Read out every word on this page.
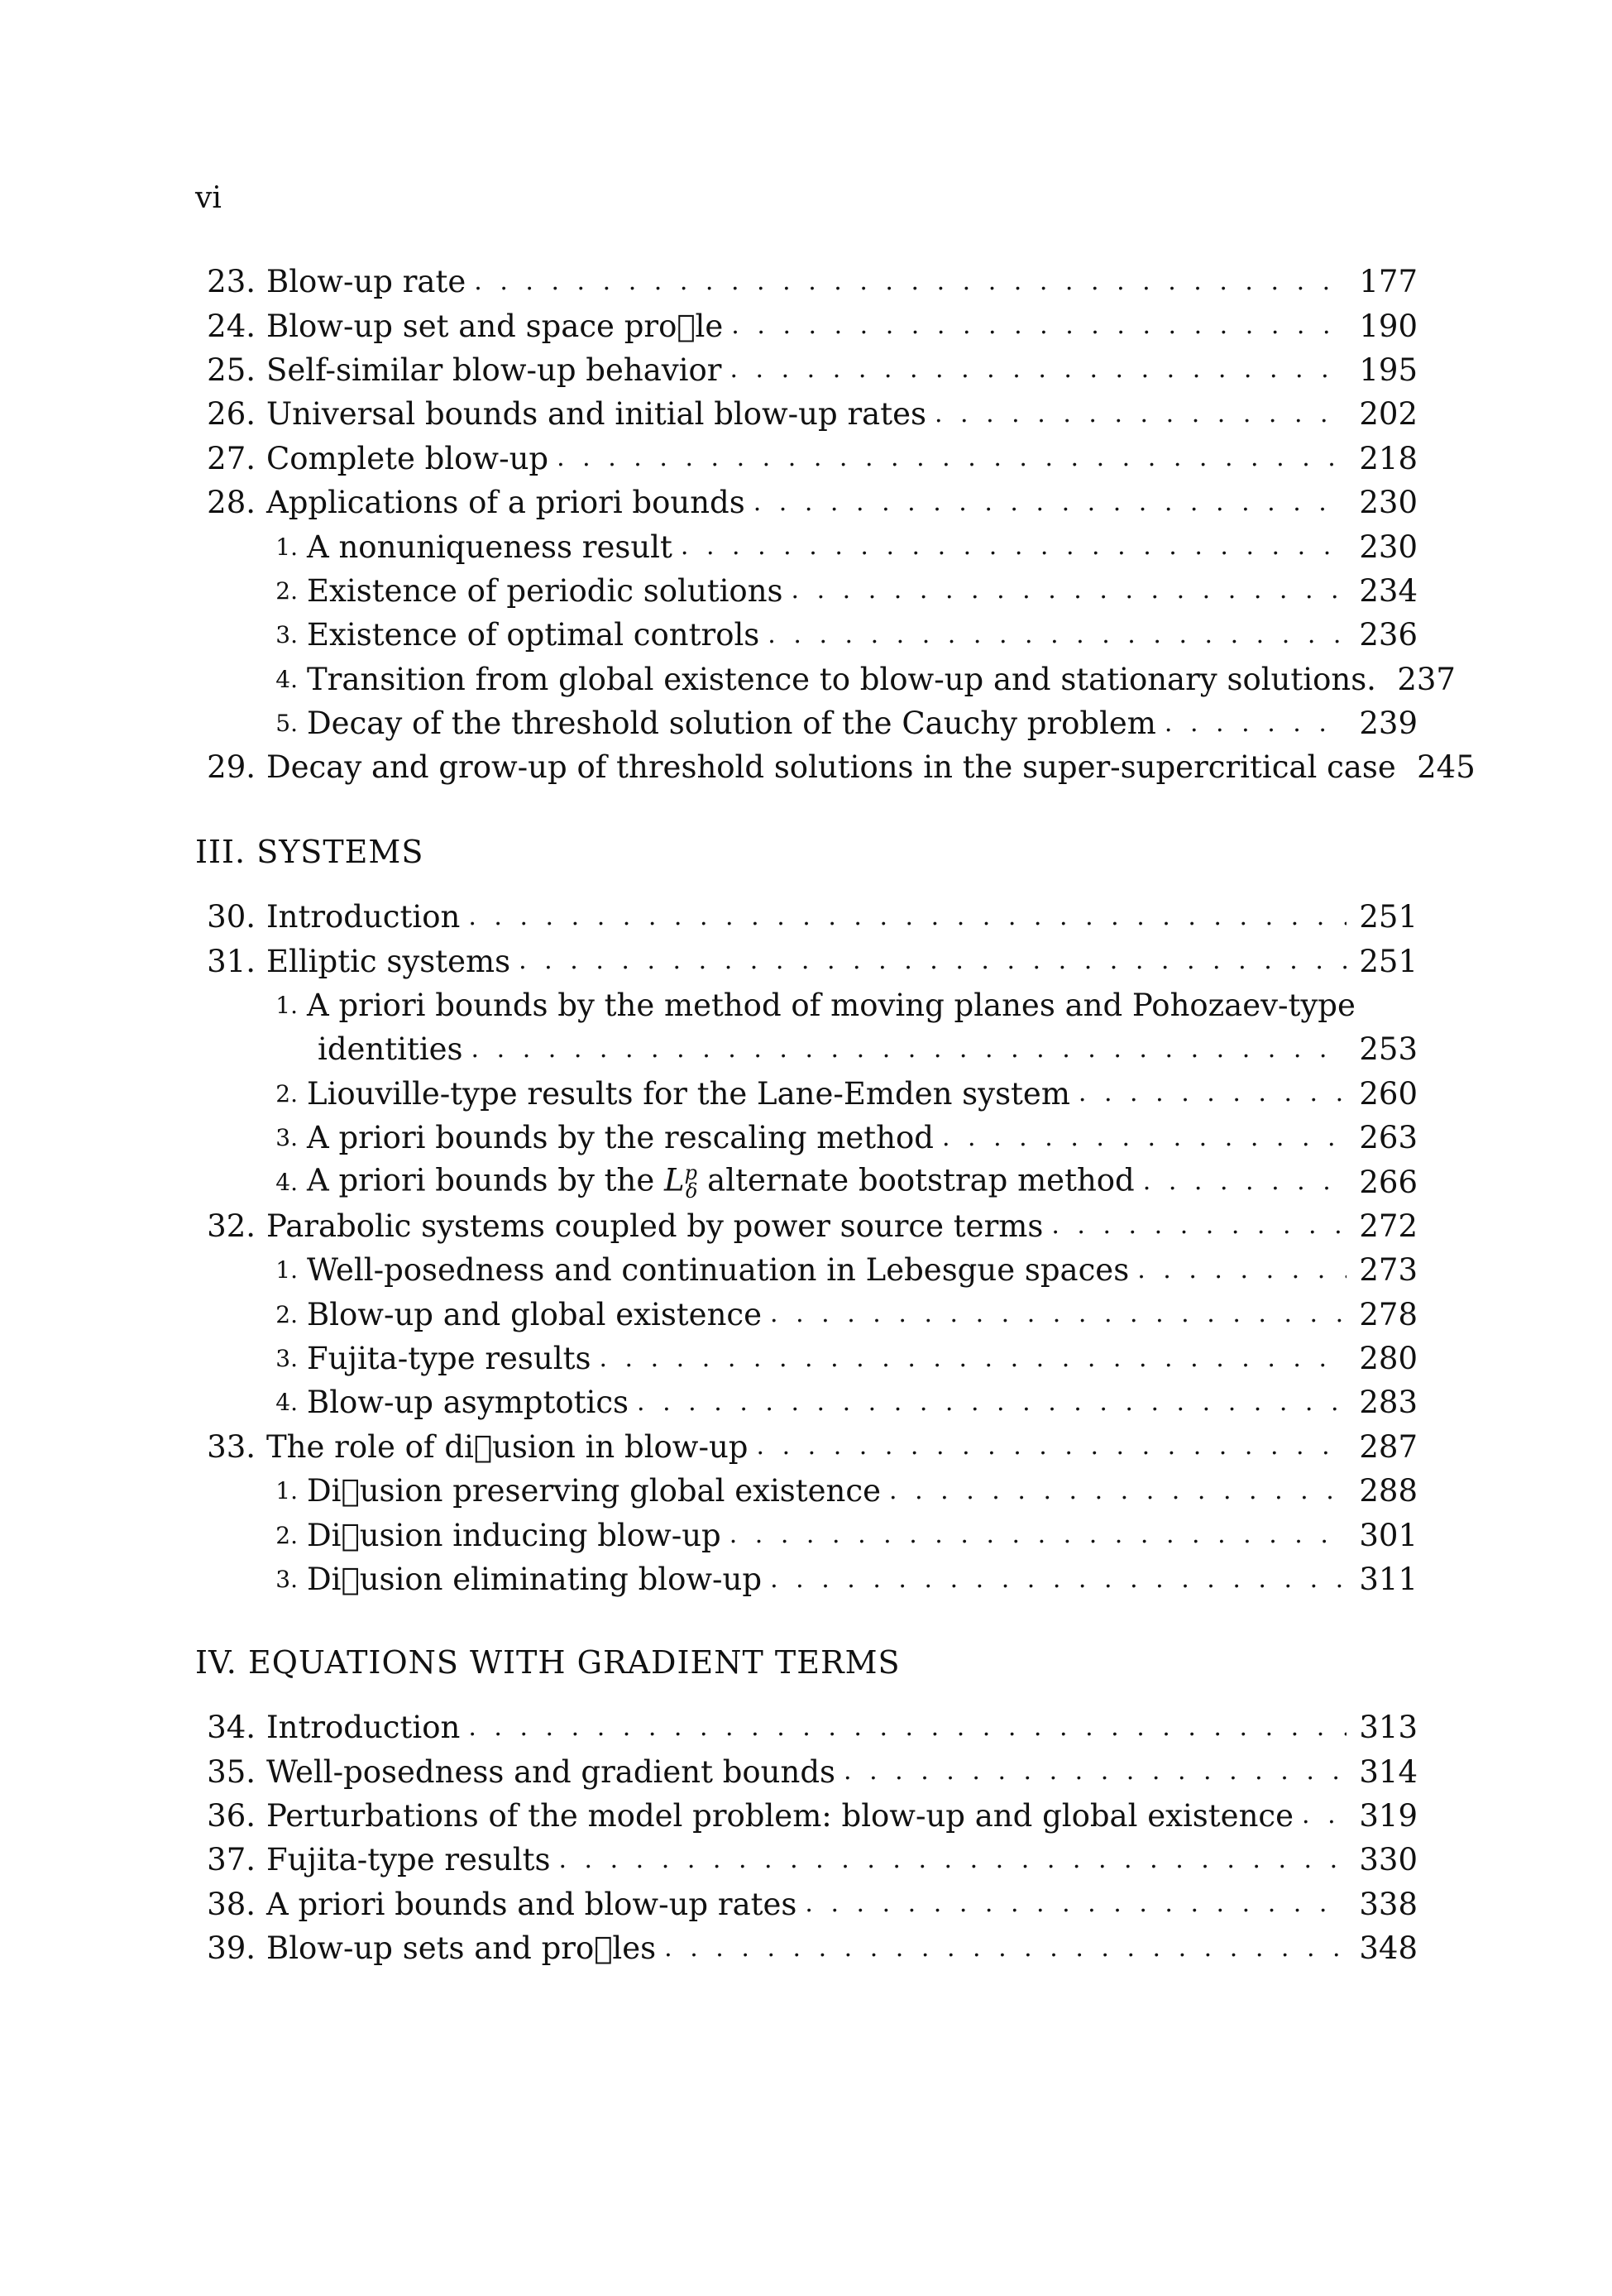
vi
23. Blow-up rate . . .	177
24. Blow-up set and space pro le . . .	190
25. Self-similar blow-up behavior . . .	195
26. Universal bounds and initial blow-up rates . . .	202
27. Complete blow-up . . .	218
28. Applications of a priori bounds . . .	230
1. A nonuniqueness result . . .	230
2. Existence of periodic solutions . . .	234
3. Existence of optimal controls . . .	236
4. Transition from global existence to blow-up and stationary solutions. 237
5. Decay of the threshold solution of the Cauchy problem . . .	239
29. Decay and grow-up of threshold solutions in the super-supercritical case 245
III. SYSTEMS
30. Introduction . . .	251
31. Elliptic systems . . .	251
1. A priori bounds by the method of moving planes and Pohozaev-type
identities . . .	253
2. Liouville-type results for the Lane-Emden system . . .	260
3. A priori bounds by the rescaling method . . .	263
4. A priori bounds by the $L^p_\delta$ alternate bootstrap method . . .	266
32. Parabolic systems coupled by power source terms . . .	272
1. Well-posedness and continuation in Lebesgue spaces . . .	273
2. Blow-up and global existence . . .	278
3. Fujita-type results . . .	280
4. Blow-up asymptotics . . .	283
33. The role of di usion in blow-up . . .	287
1. Di usion preserving global existence . . .	288
2. Di usion inducing blow-up . . .	301
3. Di usion eliminating blow-up . . .	311
IV. EQUATIONS WITH GRADIENT TERMS
34. Introduction . . .	313
35. Well-posedness and gradient bounds . . .	314
36. Perturbations of the model problem: blow-up and global existence . . . 319
37. Fujita-type results . . .	330
38. A priori bounds and blow-up rates . . .	338
39. Blow-up sets and pro les . . .	348
